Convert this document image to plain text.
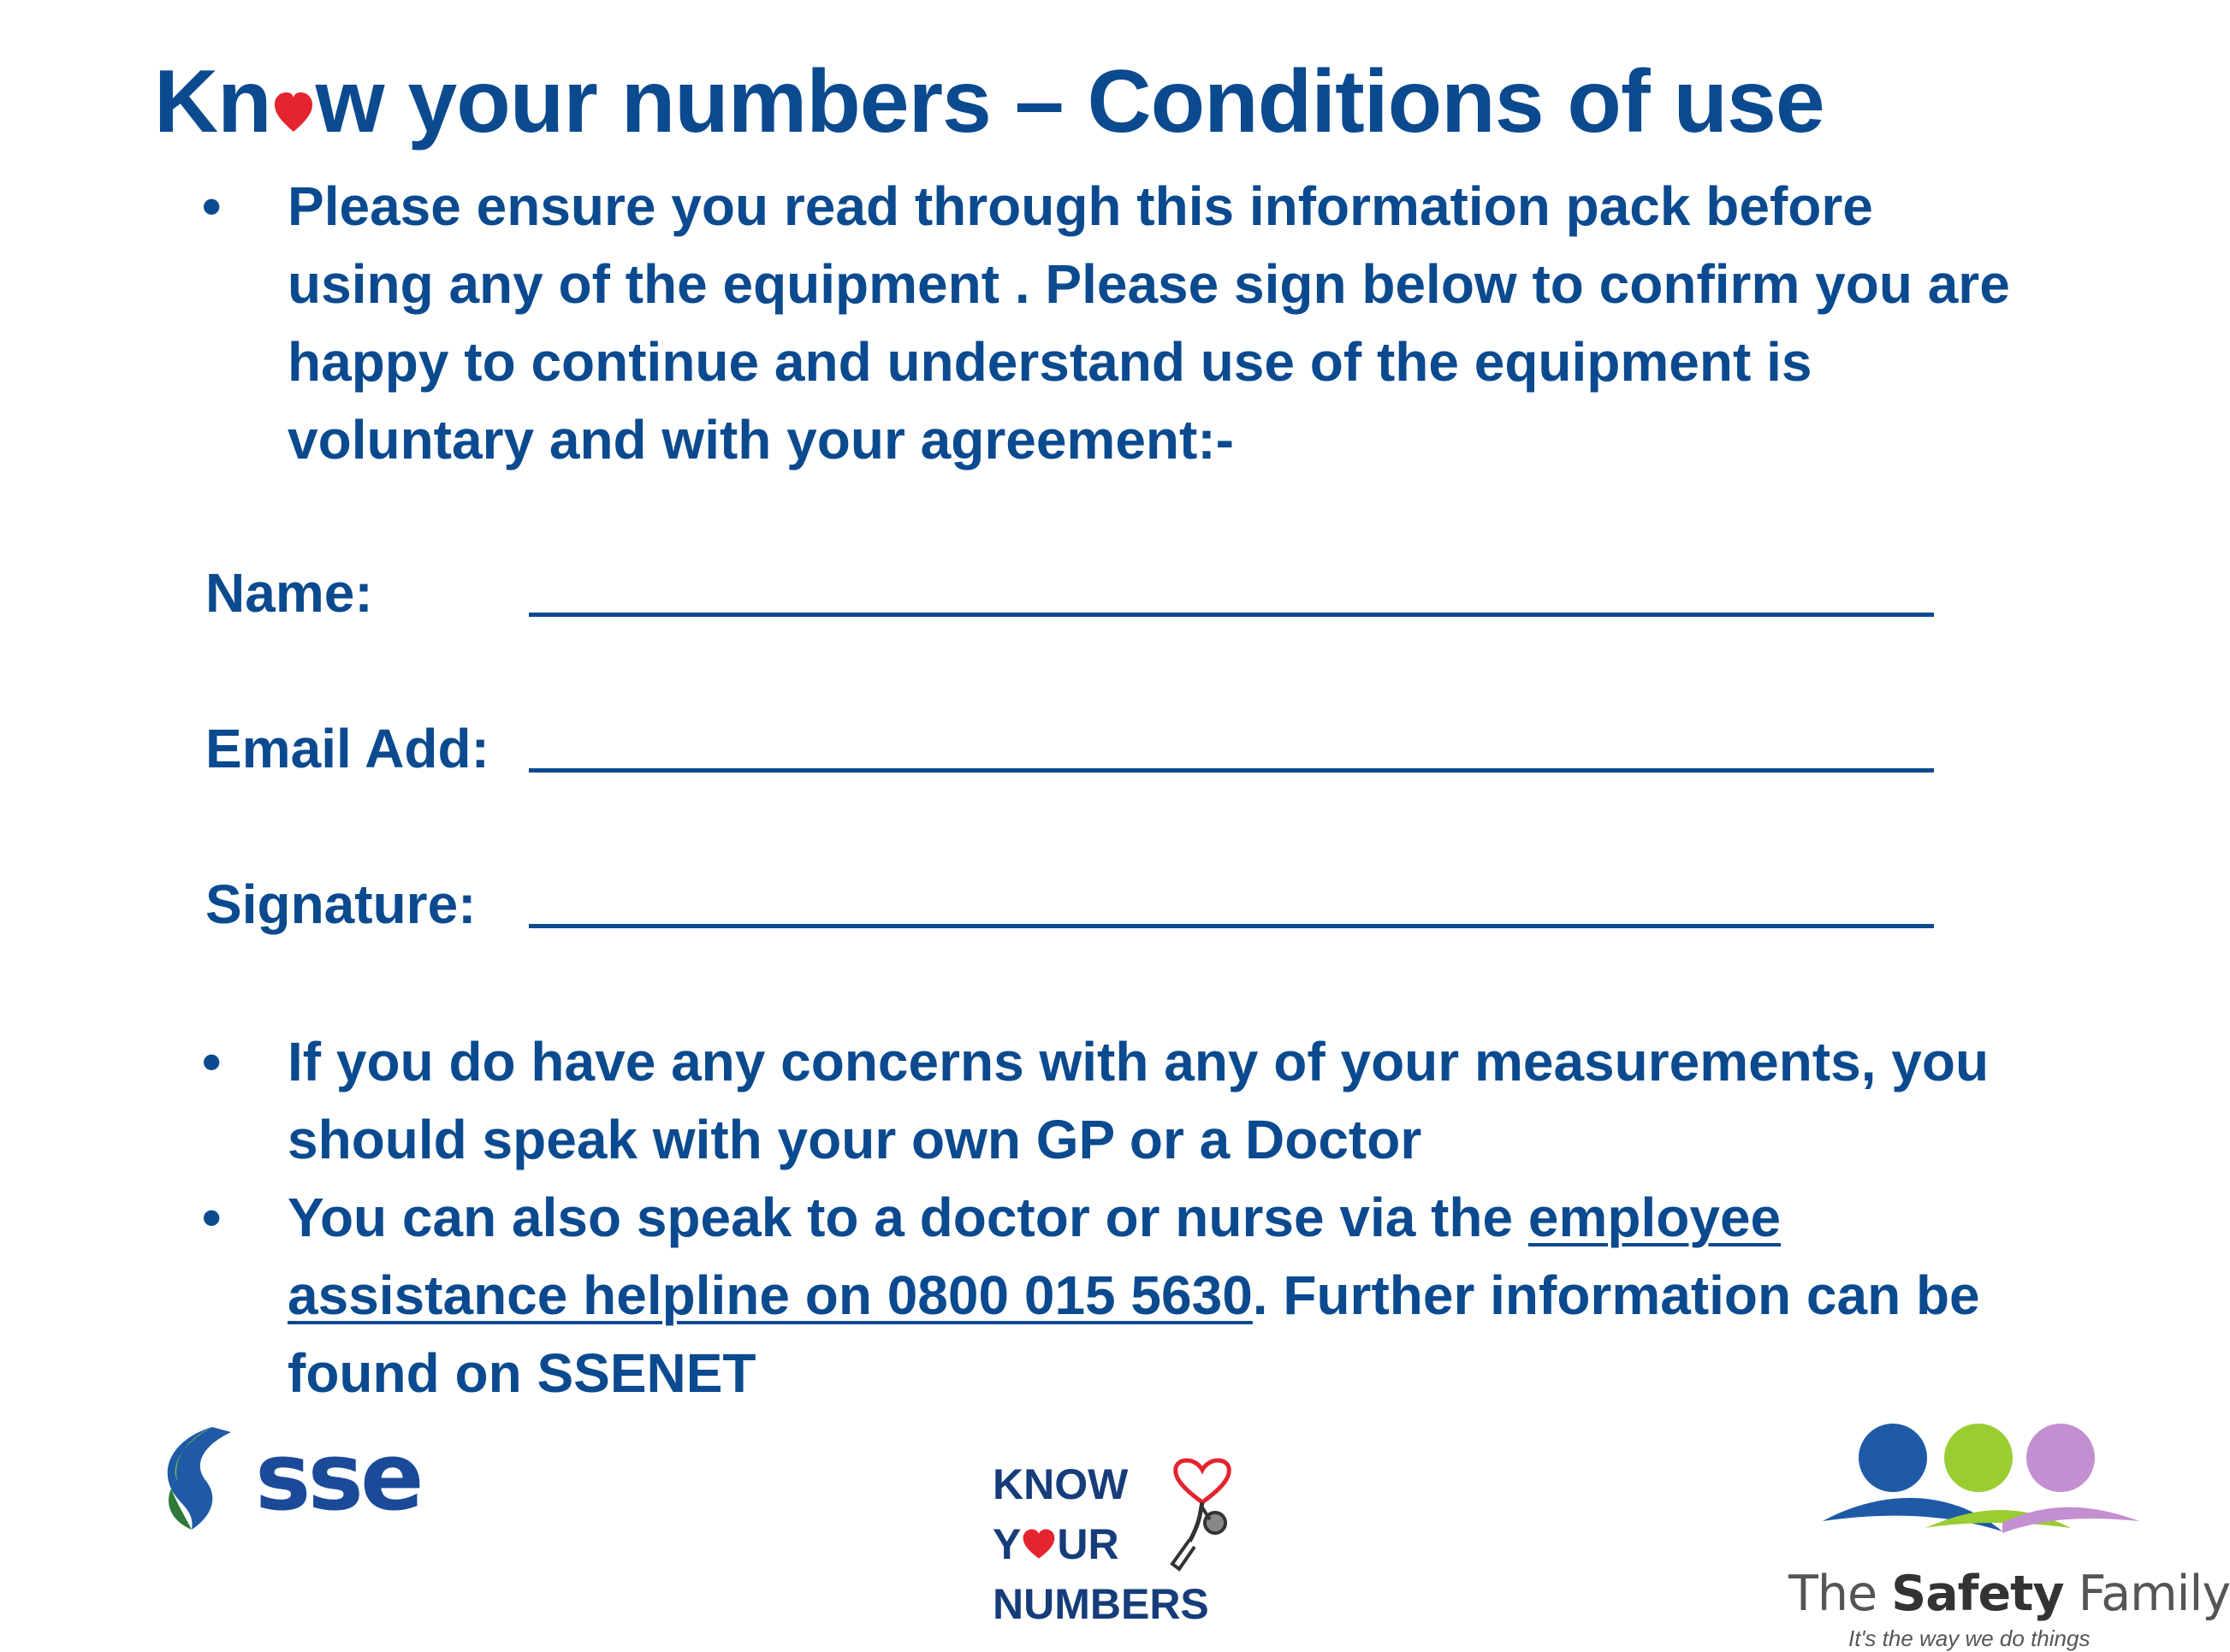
Kn w your numbers – Conditions of use
• Please ensure you read through this information pack before using any of the equipment . Please sign below to confirm you are happy to continue and understand use of the equipment is voluntary and with your agreement:-
Name:
Email Add:
Signature:
• If you do have any concerns with any of your measurements, you should speak with your own GP or a Doctor
• You can also speak to a doctor or nurse via the employee assistance helpline on 0800 015 5630. Further information can be found on SSENET
sse	KNOW
Y UR
NUMBERS	The Safety Family
It's the way we do things
